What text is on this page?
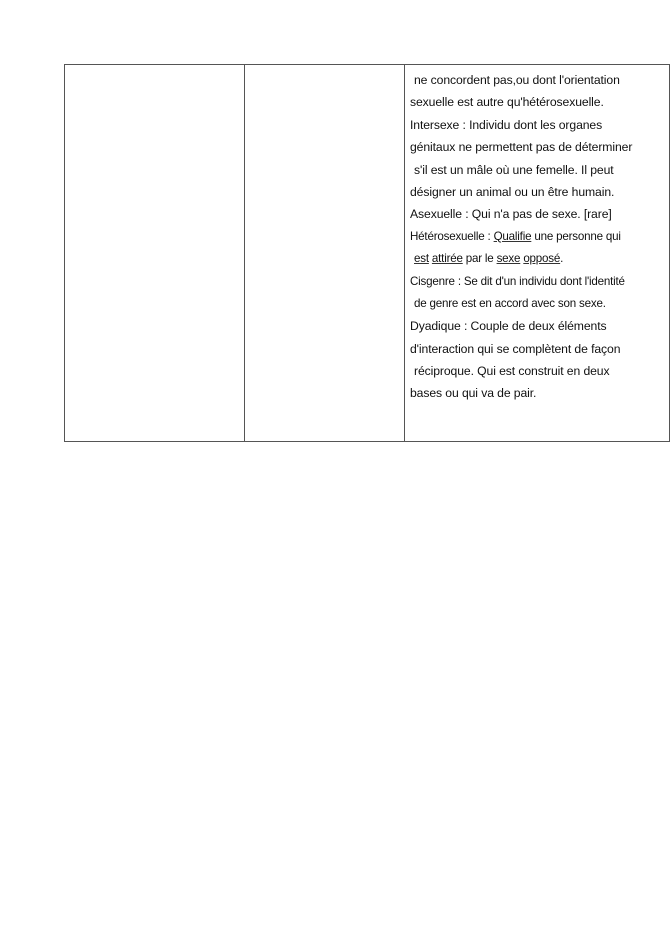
ne concordent pas,ou dont l'orientation
sexuelle est autre qu'hétérosexuelle.
Intersexe : Individu dont les organes
génitaux ne permettent pas de déterminer
s'il est un mâle où une femelle. Il peut
désigner un animal ou un être humain.
Asexuelle : Qui n'a pas de sexe. [rare]
Hétérosexuelle : Qualifie une personne qui
est attirée par le sexe opposé.
Cisgenre : Se dit d'un individu dont l'identité
de genre est en accord avec son sexe.
Dyadique : Couple de deux éléments
d'interaction qui se complètent de façon
réciproque. Qui est construit en deux
bases ou qui va de pair.
